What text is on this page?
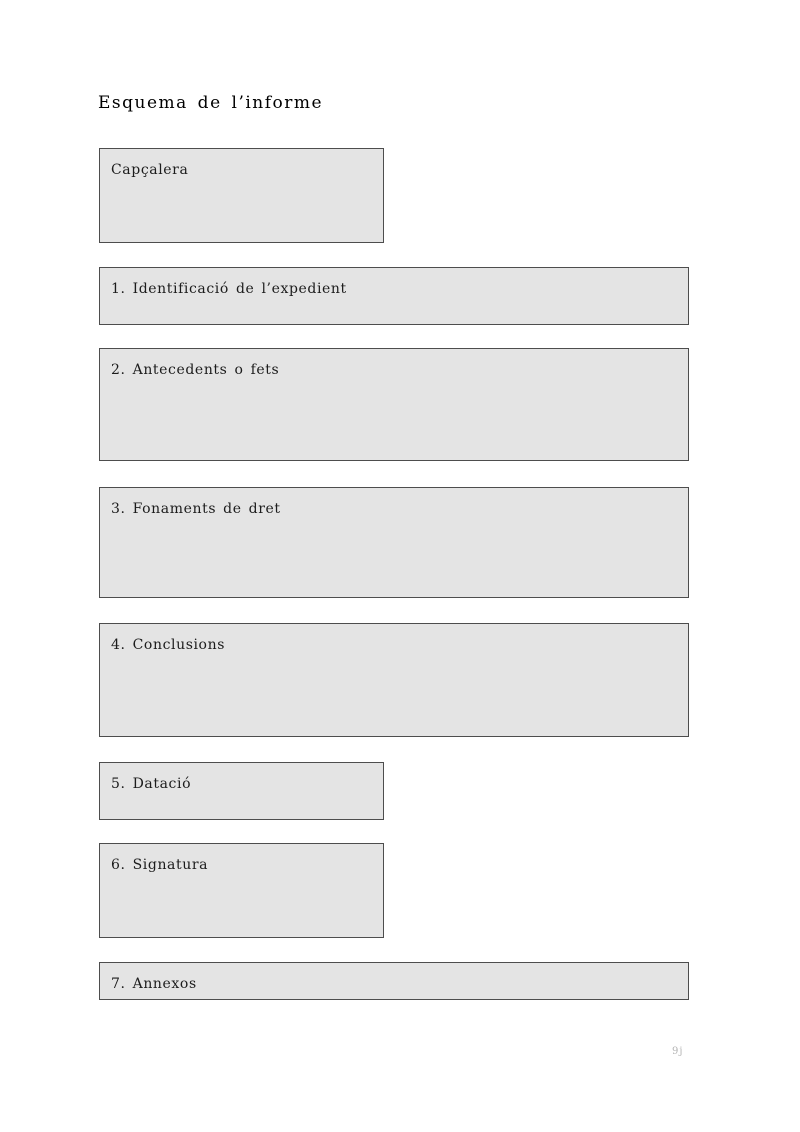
Esquema de l’informe
Capçalera
1. Identificació de l’expedient
2. Antecedents o fets
3. Fonaments de dret
4. Conclusions
5. Datació
6. Signatura
7. Annexos
9j
